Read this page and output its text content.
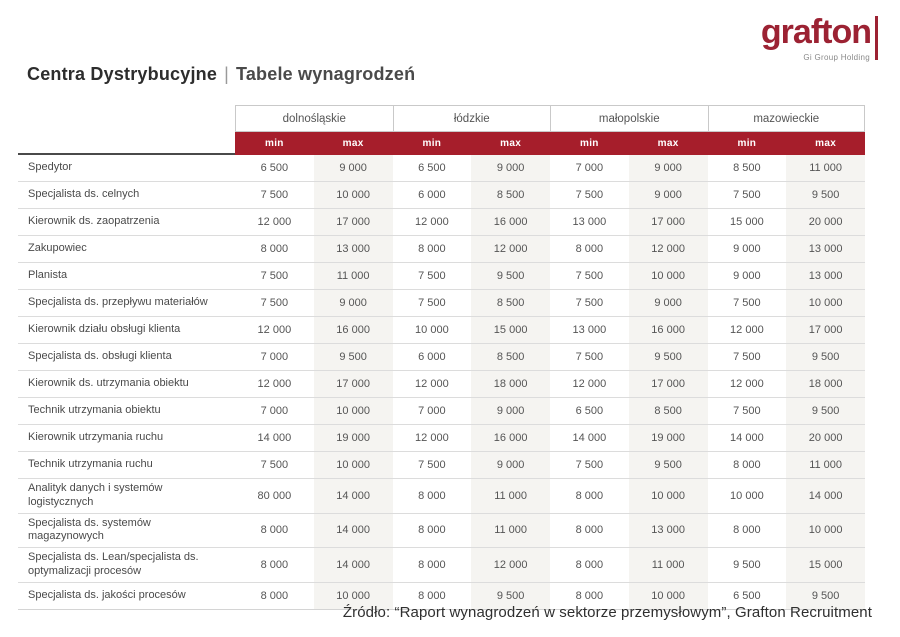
grafton
Gi Group Holding
Centra Dystrybucyjne | Tabele wynagrodzeń
dolnośląskie	łódzkie	małopolskie	mazowieckie
min	max	min	max	min	max	min	max
Spedytor	6 500	9 000	6 500	9 000	7 000	9 000	8 500	11 000
Specjalista ds. celnych	7 500	10 000	6 000	8 500	7 500	9 000	7 500	9 500
Kierownik ds. zaopatrzenia	12 000	17 000	12 000	16 000	13 000	17 000	15 000	20 000
Zakupowiec	8 000	13 000	8 000	12 000	8 000	12 000	9 000	13 000
Planista	7 500	11 000	7 500	9 500	7 500	10 000	9 000	13 000
Specjalista ds. przepływu materiałów	7 500	9 000	7 500	8 500	7 500	9 000	7 500	10 000
Kierownik działu obsługi klienta	12 000	16 000	10 000	15 000	13 000	16 000	12 000	17 000
Specjalista ds. obsługi klienta	7 000	9 500	6 000	8 500	7 500	9 500	7 500	9 500
Kierownik ds. utrzymania obiektu	12 000	17 000	12 000	18 000	12 000	17 000	12 000	18 000
Technik utrzymania obiektu	7 000	10 000	7 000	9 000	6 500	8 500	7 500	9 500
Kierownik utrzymania ruchu	14 000	19 000	12 000	16 000	14 000	19 000	14 000	20 000
Technik utrzymania ruchu	7 500	10 000	7 500	9 000	7 500	9 500	8 000	11 000
Analityk danych i systemów logistycznych	80 000	14 000	8 000	11 000	8 000	10 000	10 000	14 000
Specjalista ds. systemów magazynowych	8 000	14 000	8 000	11 000	8 000	13 000	8 000	10 000
Specjalista ds. Lean/specjalista ds. optymalizacji procesów	8 000	14 000	8 000	12 000	8 000	11 000	9 500	15 000
Specjalista ds. jakości procesów	8 000	10 000	8 000	9 500	8 000	10 000	6 500	9 500
Źródło: “Raport wynagrodzeń w sektorze przemysłowym”, Grafton Recruitment
